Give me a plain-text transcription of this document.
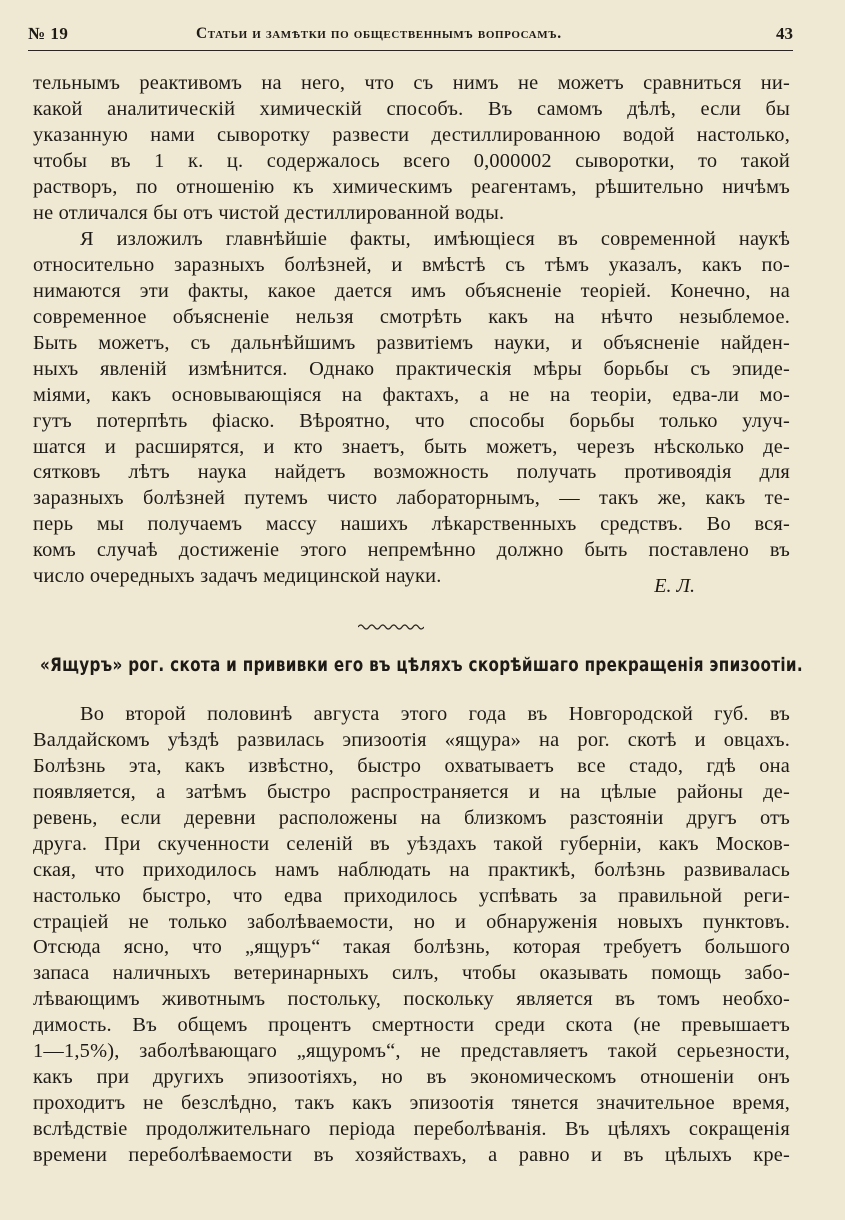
№ 19	Статьи и замѣтки по общественнымъ вопросамъ.	43
тельнымъ реактивомъ на него, что съ нимъ не можетъ сравниться ни-
какой аналитическій химическій способъ. Въ самомъ дѣлѣ, если бы
указанную нами сыворотку развести дестиллированною водой настолько,
чтобы въ 1 к. ц. содержалось всего 0,000002 сыворотки, то такой
растворъ, по отношенію къ химическимъ реагентамъ, рѣшительно ничѣмъ
не отличался бы отъ чистой дестиллированной воды.
Я изложилъ главнѣйшіе факты, имѣющіеся въ современной наукѣ
относительно заразныхъ болѣзней, и вмѣстѣ съ тѣмъ указалъ, какъ по-
нимаются эти факты, какое дается имъ объясненіе теоріей. Конечно, на
современное объясненіе нельзя смотрѣть какъ на нѣчто незыблемое.
Быть можетъ, съ дальнѣйшимъ развитіемъ науки, и объясненіе найден-
ныхъ явленій измѣнится. Однако практическія мѣры борьбы съ эпиде-
міями, какъ основывающіяся на фактахъ, а не на теоріи, едва-ли мо-
гутъ потерпѣть фіаско. Вѣроятно, что способы борьбы только улуч-
шатся и расширятся, и кто знаетъ, быть можетъ, черезъ нѣсколько де-
сятковъ лѣтъ наука найдетъ возможность получать противоядія для
заразныхъ болѣзней путемъ чисто лабораторнымъ, — такъ же, какъ те-
перь мы получаемъ массу нашихъ лѣкарственныхъ средствъ. Во вся-
комъ случаѣ достиженіе этого непремѣнно должно быть поставлено въ
число очередныхъ задачъ медицинской науки.	Е. Л.
«Ящуръ» рог. скота и прививки его въ цѣляхъ скорѣйшаго прекращенія эпизоотіи.
Во второй половинѣ августа этого года въ Новгородской губ. въ
Валдайскомъ уѣздѣ развилась эпизоотія «ящура» на рог. скотѣ и овцахъ.
Болѣзнь эта, какъ извѣстно, быстро охватываетъ все стадо, гдѣ она
появляется, а затѣмъ быстро распространяется и на цѣлые районы де-
ревень, если деревни расположены на близкомъ разстояніи другъ отъ
друга. При скученности селеній въ уѣздахъ такой губерніи, какъ Москов-
ская, что приходилось намъ наблюдать на практикѣ, болѣзнь развивалась
настолько быстро, что едва приходилось успѣвать за правильной реги-
страціей не только заболѣваемости, но и обнаруженія новыхъ пунктовъ.
Отсюда ясно, что „ящуръ“ такая болѣзнь, которая требуетъ большого
запаса наличныхъ ветеринарныхъ силъ, чтобы оказывать помощь забо-
лѣвающимъ животнымъ постольку, поскольку является въ томъ необхо-
димость. Въ общемъ процентъ смертности среди скота (не превышаетъ
1—1,5%), заболѣвающаго „ящуромъ“, не представляетъ такой серьезности,
какъ при другихъ эпизоотіяхъ, но въ экономическомъ отношеніи онъ
проходитъ не безслѣдно, такъ какъ эпизоотія тянется значительное время,
вслѣдствіе продолжительнаго періода переболѣванія. Въ цѣляхъ сокращенія
времени переболѣваемости въ хозяйствахъ, а равно и въ цѣлыхъ кре-
